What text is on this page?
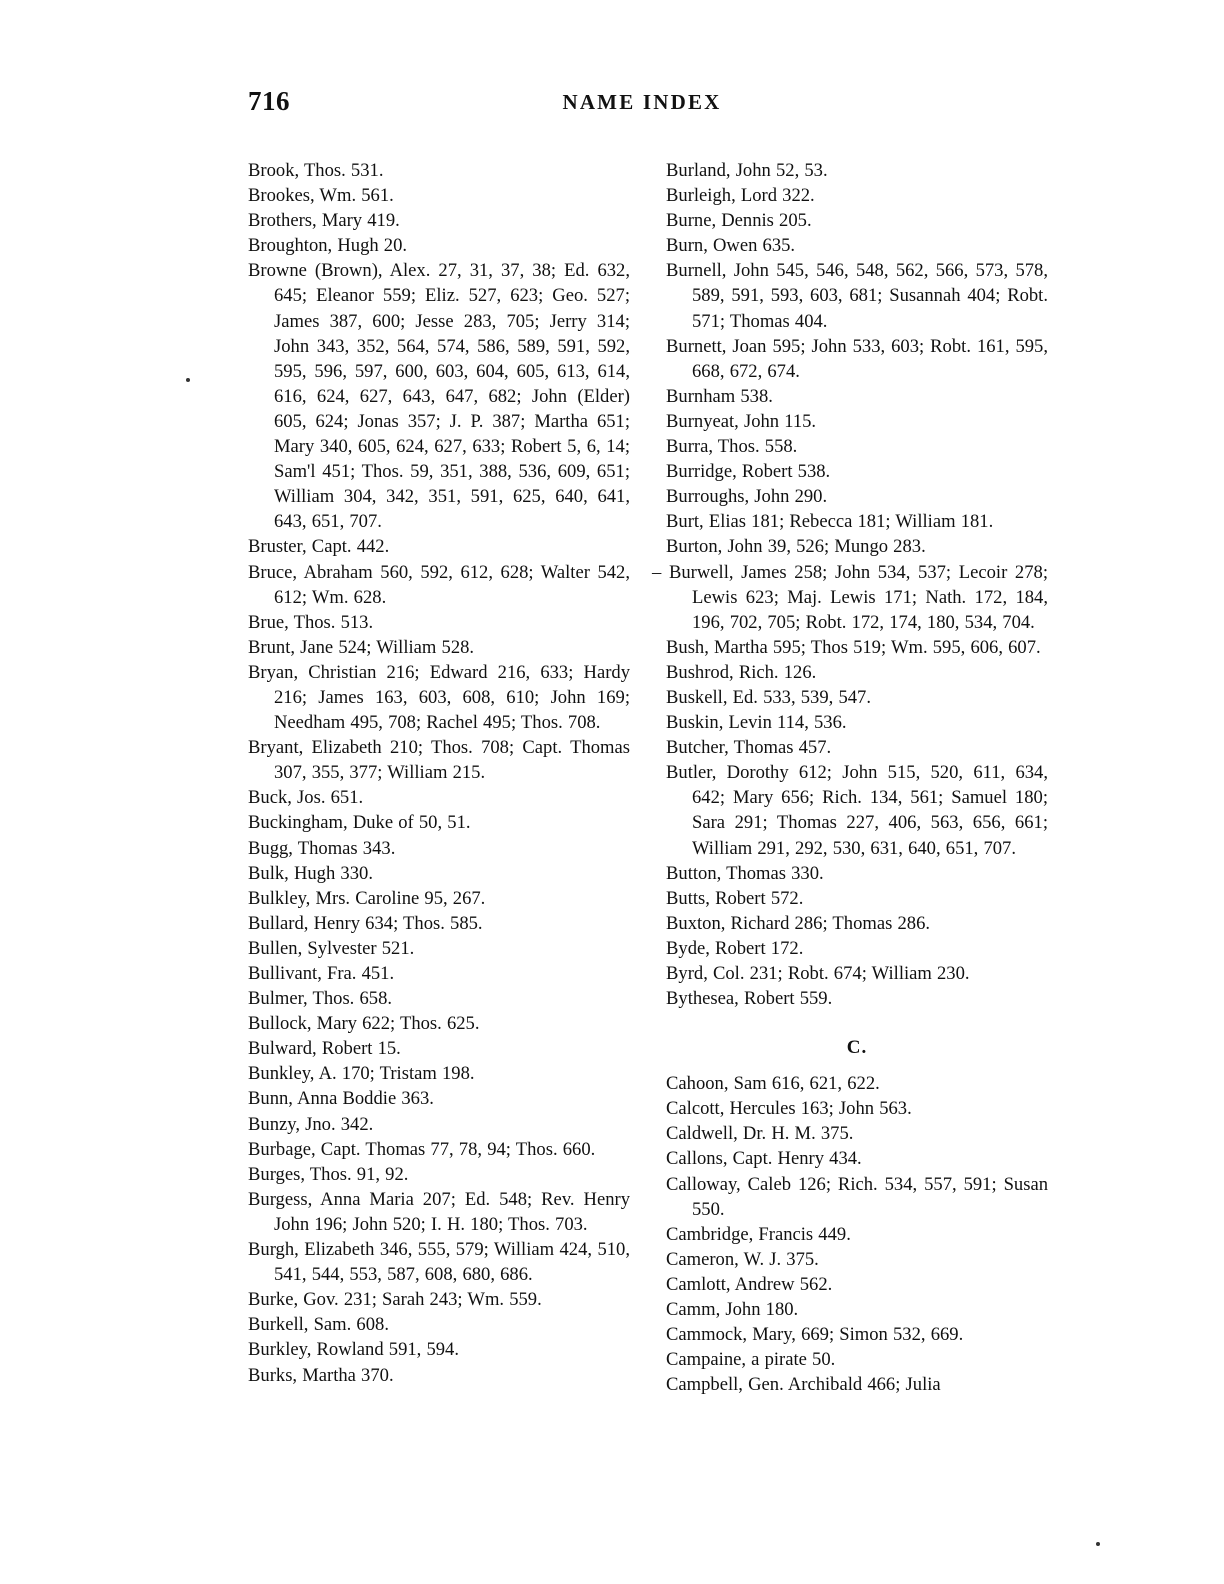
716	NAME INDEX

Brook, Thos. 531.

Brookes, Wm. 561.

Brothers, Mary 419.

Broughton, Hugh 20.

Browne (Brown), Alex. 27, 31, 37, 38; Ed. 632, 645; Eleanor 559; Eliz. 527, 623; Geo. 527; James 387, 600; Jesse 283, 705; Jerry 314; John 343, 352, 564, 574, 586, 589, 591, 592, 595, 596, 597, 600, 603, 604, 605, 613, 614, 616, 624, 627, 643, 647, 682; John (Elder) 605, 624; Jonas 357; J. P. 387; Martha 651; Mary 340, 605, 624, 627, 633; Robert 5, 6, 14; Sam'l 451; Thos. 59, 351, 388, 536, 609, 651; William 304, 342, 351, 591, 625, 640, 641, 643, 651, 707.

Bruster, Capt. 442.

Bruce, Abraham 560, 592, 612, 628; Walter 542, 612; Wm. 628.

Brue, Thos. 513.

Brunt, Jane 524; William 528.

Bryan, Christian 216; Edward 216, 633; Hardy 216; James 163, 603, 608, 610; John 169; Needham 495, 708; Rachel 495; Thos. 708.

Bryant, Elizabeth 210; Thos. 708; Capt. Thomas 307, 355, 377; William 215.

Buck, Jos. 651.

Buckingham, Duke of 50, 51.

Bugg, Thomas 343.

Bulk, Hugh 330.

Bulkley, Mrs. Caroline 95, 267.

Bullard, Henry 634; Thos. 585.

Bullen, Sylvester 521.

Bullivant, Fra. 451.

Bulmer, Thos. 658.

Bullock, Mary 622; Thos. 625.

Bulward, Robert 15.

Bunkley, A. 170; Tristam 198.

Bunn, Anna Boddie 363.

Bunzy, Jno. 342.

Burbage, Capt. Thomas 77, 78, 94; Thos. 660.

Burges, Thos. 91, 92.

Burgess, Anna Maria 207; Ed. 548; Rev. Henry John 196; John 520; I. H. 180; Thos. 703.

Burgh, Elizabeth 346, 555, 579; William 424, 510, 541, 544, 553, 587, 608, 680, 686.

Burke, Gov. 231; Sarah 243; Wm. 559.

Burkell, Sam. 608.

Burkley, Rowland 591, 594.

Burks, Martha 370.

Burland, John 52, 53.

Burleigh, Lord 322.

Burne, Dennis 205.

Burn, Owen 635.

Burnell, John 545, 546, 548, 562, 566, 573, 578, 589, 591, 593, 603, 681; Susannah 404; Robt. 571; Thomas 404.

Burnett, Joan 595; John 533, 603; Robt. 161, 595, 668, 672, 674.

Burnham 538.

Burnyeat, John 115.

Burra, Thos. 558.

Burridge, Robert 538.

Burroughs, John 290.

Burt, Elias 181; Rebecca 181; William 181.

Burton, John 39, 526; Mungo 283.

– Burwell, James 258; John 534, 537; Lecoir 278; Lewis 623; Maj. Lewis 171; Nath. 172, 184, 196, 702, 705; Robt. 172, 174, 180, 534, 704.

Bush, Martha 595; Thos 519; Wm. 595, 606, 607.

Bushrod, Rich. 126.

Buskell, Ed. 533, 539, 547.

Buskin, Levin 114, 536.

Butcher, Thomas 457.

Butler, Dorothy 612; John 515, 520, 611, 634, 642; Mary 656; Rich. 134, 561; Samuel 180; Sara 291; Thomas 227, 406, 563, 656, 661; William 291, 292, 530, 631, 640, 651, 707.

Button, Thomas 330.

Butts, Robert 572.

Buxton, Richard 286; Thomas 286.

Byde, Robert 172.

Byrd, Col. 231; Robt. 674; William 230.

Bythesea, Robert 559.

C.

Cahoon, Sam 616, 621, 622.

Calcott, Hercules 163; John 563.

Caldwell, Dr. H. M. 375.

Callons, Capt. Henry 434.

Calloway, Caleb 126; Rich. 534, 557, 591; Susan 550.

Cambridge, Francis 449.

Cameron, W. J. 375.

Camlott, Andrew 562.

Camm, John 180.

Cammock, Mary, 669; Simon 532, 669.

Campaine, a pirate 50.

Campbell, Gen. Archibald 466; Julia
